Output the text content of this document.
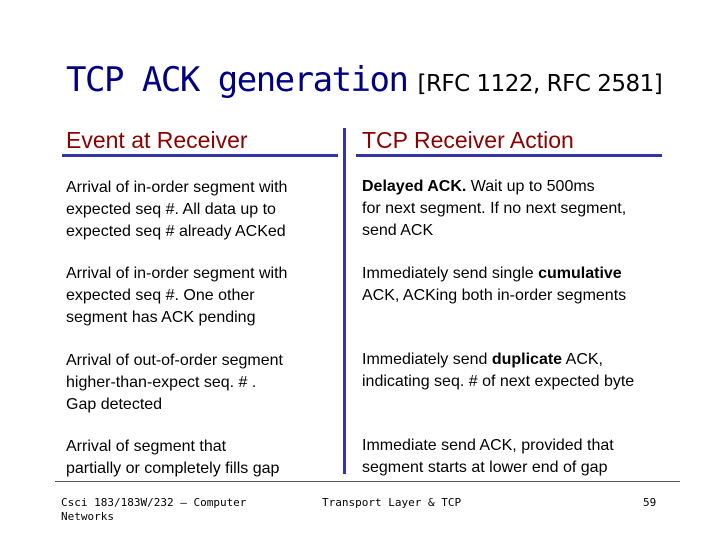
TCP ACK generation [RFC 1122, RFC 2581]
Event at Receiver	TCP Receiver Action
Arrival of in-order segment with
expected seq #. All data up to
expected seq # already ACKed
Delayed ACK. Wait up to 500ms
for next segment. If no next segment,
send ACK
Arrival of in-order segment with
expected seq #. One other
segment has ACK pending
Immediately send single cumulative
ACK, ACKing both in-order segments
Arrival of out-of-order segment
higher-than-expect seq. # .
Gap detected
Immediately send duplicate ACK,
indicating seq. # of next expected byte
Arrival of segment that
partially or completely fills gap
Immediate send ACK, provided that
segment starts at lower end of gap
Csci 183/183W/232 – Computer
Networks
Transport Layer & TCP	59
